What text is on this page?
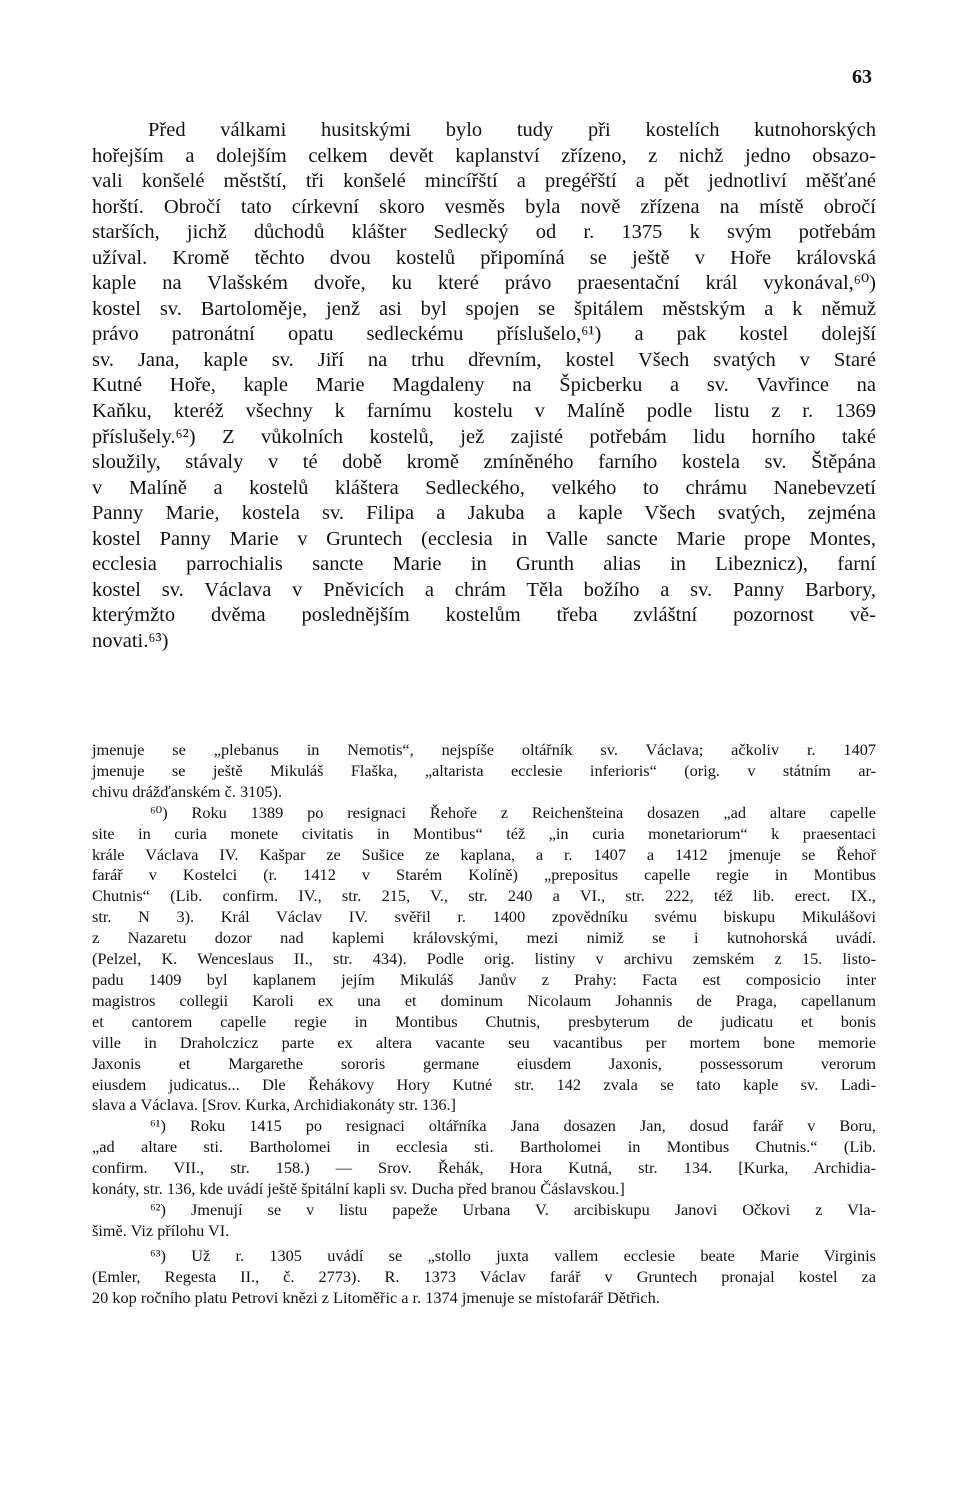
63
Před válkami husitskými bylo tudy při kostelích kutnohorských
hořejším a dolejším celkem devět kaplanství zřízeno, z nichž jedno obsazo-
vali konšelé městští, tři konšelé mincířští a pregéřští a pět jednotliví měšťané
horští. Obročí tato církevní skoro vesměs byla nově zřízena na místě obročí
starších, jichž důchodů klášter Sedlecký od r. 1375 k svým potřebám
užíval. Kromě těchto dvou kostelů připomíná se ještě v Hoře královská
kaple na Vlašském dvoře, ku které právo praesentační král vykonával,⁶⁰)
kostel sv. Bartoloměje, jenž asi byl spojen se špitálem městským a k němuž
právo patronátní opatu sedleckému příslušelo,⁶¹) a pak kostel dolejší
sv. Jana, kaple sv. Jiří na trhu dřevním, kostel Všech svatých v Staré
Kutné Hoře, kaple Marie Magdaleny na Špicberku a sv. Vavřince na
Kaňku, kteréž všechny k farnímu kostelu v Malíně podle listu z r. 1369
příslušely.⁶²) Z vůkolních kostelů, jež zajisté potřebám lidu horního také
sloužily, stávaly v té době kromě zmíněného farního kostela sv. Štěpána
v Malíně a kostelů kláštera Sedleckého, velkého to chrámu Nanebevzetí
Panny Marie, kostela sv. Filipa a Jakuba a kaple Všech svatých, zejména
kostel Panny Marie v Gruntech (ecclesia in Valle sancte Marie prope Montes,
ecclesia parrochialis sancte Marie in Grunth alias in Libeznicz), farní
kostel sv. Václava v Pněvicích a chrám Těla božího a sv. Panny Barbory,
kterýmžto dvěma poslednějším kostelům třeba zvláštní pozornost vě-
novati.⁶³)
jmenuje se „plebanus in Nemotis“, nejspíše oltářník sv. Václava; ačkoliv r. 1407
jmenuje se ještě Mikuláš Flaška, „altarista ecclesie inferioris“ (orig. v státním ar-
chivu drážďanském č. 3105).
⁶⁰) Roku 1389 po resignaci Řehoře z Reichenšteina dosazen „ad altare capelle
site in curia monete civitatis in Montibus“ též „in curia monetariorum“ k praesentaci
krále Václava IV. Kašpar ze Sušice ze kaplana, a r. 1407 a 1412 jmenuje se Řehoř
farář v Kostelci (r. 1412 v Starém Kolíně) „prepositus capelle regie in Montibus
Chutnis“ (Lib. confirm. IV., str. 215, V., str. 240 a VI., str. 222, též lib. erect. IX.,
str. N 3). Král Václav IV. svěřil r. 1400 zpovědníku svému biskupu Mikulášovi
z Nazaretu dozor nad kaplemi královskými, mezi nimiž se i kutnohorská uvádí.
(Pelzel, K. Wenceslaus II., str. 434). Podle orig. listiny v archivu zemském z 15. listo-
padu 1409 byl kaplanem jejím Mikuláš Janův z Prahy: Facta est composicio inter
magistros collegii Karoli ex una et dominum Nicolaum Johannis de Praga, capellanum
et cantorem capelle regie in Montibus Chutnis, presbyterum de judicatu et bonis
ville in Draholczicz parte ex altera vacante seu vacantibus per mortem bone memorie
Jaxonis et Margarethe sororis germane eiusdem Jaxonis, possessorum verorum
eiusdem judicatus... Dle Řehákovy Hory Kutné str. 142 zvala se tato kaple sv. Ladi-
slava a Václava. [Srov. Kurka, Archidiakonáty str. 136.]
⁶¹) Roku 1415 po resignaci oltářníka Jana dosazen Jan, dosud farář v Boru,
„ad altare sti. Bartholomei in ecclesia sti. Bartholomei in Montibus Chutnis.“ (Lib.
confirm. VII., str. 158.) — Srov. Řehák, Hora Kutná, str. 134. [Kurka, Archidia-
konáty, str. 136, kde uvádí ještě špitální kapli sv. Ducha před branou Čáslavskou.]
⁶²) Jmenují se v listu papeže Urbana V. arcibiskupu Janovi Očkovi z Vla-
šimě. Viz přílohu VI.
⁶³) Už r. 1305 uvádí se „stollo juxta vallem ecclesie beate Marie Virginis
(Emler, Regesta II., č. 2773). R. 1373 Václav farář v Gruntech pronajal kostel za
20 kop ročního platu Petrovi knězi z Litoměřic a r. 1374 jmenuje se místofarář Dětřich.
